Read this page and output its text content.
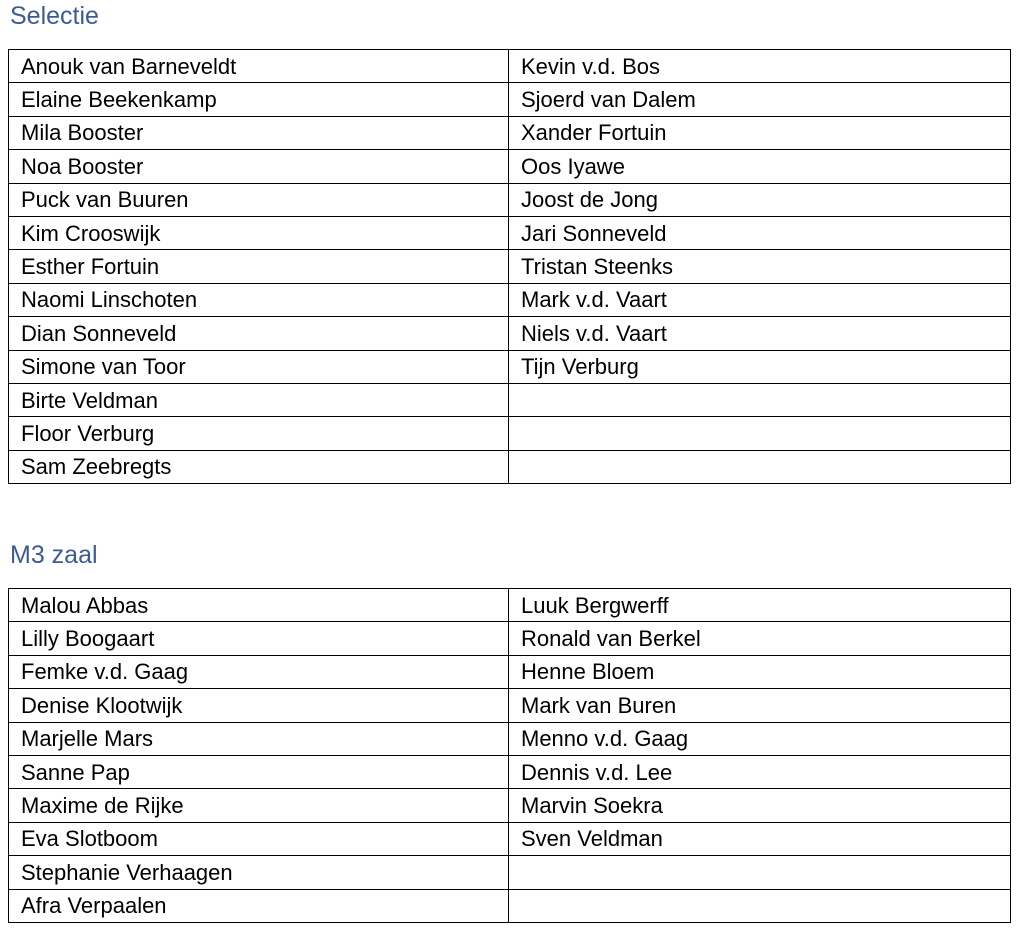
Selectie
Anouk van Barneveldt	Kevin v.d. Bos
Elaine Beekenkamp	Sjoerd van Dalem
Mila Booster	Xander Fortuin
Noa Booster	Oos Iyawe
Puck van Buuren	Joost de Jong
Kim Crooswijk	Jari Sonneveld
Esther Fortuin	Tristan Steenks
Naomi Linschoten	Mark v.d. Vaart
Dian Sonneveld	Niels v.d. Vaart
Simone van Toor	Tijn Verburg
Birte Veldman	
Floor Verburg	
Sam Zeebregts	
M3 zaal
Malou Abbas	Luuk Bergwerff
Lilly Boogaart	Ronald van Berkel
Femke v.d. Gaag	Henne Bloem
Denise Klootwijk	Mark van Buren
Marjelle Mars	Menno v.d. Gaag
Sanne Pap	Dennis v.d. Lee
Maxime de Rijke	Marvin Soekra
Eva Slotboom	Sven Veldman
Stephanie Verhaagen	
Afra Verpaalen	
